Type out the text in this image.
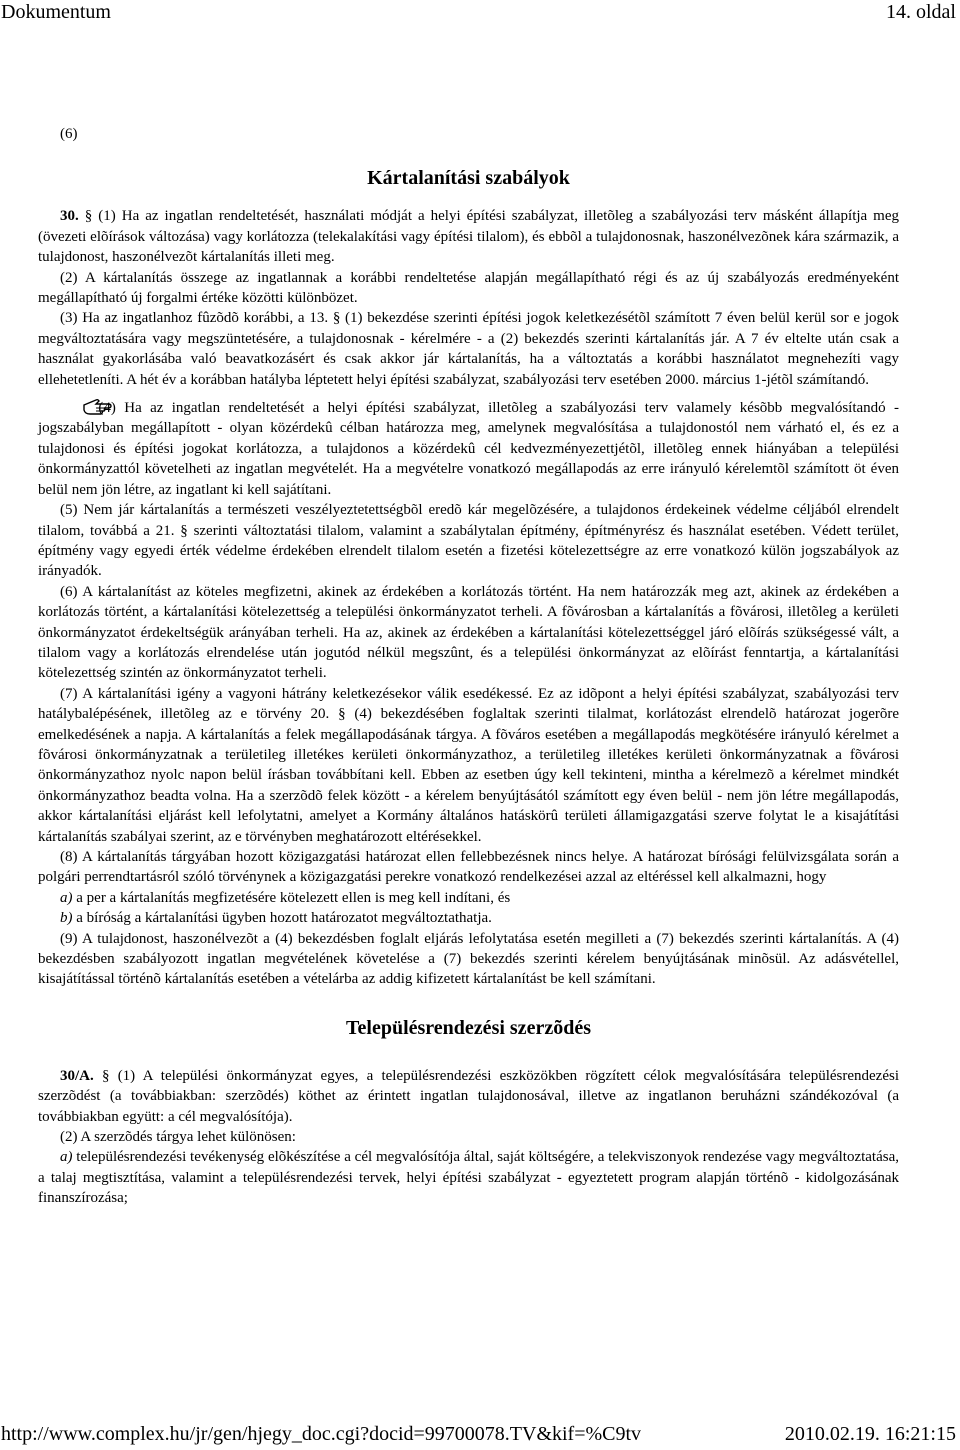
Dokumentum	14. oldal

(6)

Kártalanítási szabályok

30. § (1) Ha az ingatlan rendeltetését, használati módját a helyi építési szabályzat, illetõleg a szabályozási terv másként állapítja meg (övezeti elõírások változása) vagy korlátozza (telekalakítási vagy építési tilalom), és ebbõl a tulajdonosnak, haszonélvezõnek kára származik, a tulajdonost, haszonélvezõt kártalanítás illeti meg.

(2) A kártalanítás összege az ingatlannak a korábbi rendeltetése alapján megállapítható régi és az új szabályozás eredményeként megállapítható új forgalmi értéke közötti különbözet.

(3) Ha az ingatlanhoz fûzõdõ korábbi, a 13. § (1) bekezdése szerinti építési jogok keletkezésétõl számított 7 éven belül kerül sor e jogok megváltoztatására vagy megszüntetésére, a tulajdonosnak - kérelmére - a (2) bekezdés szerinti kártalanítás jár. A 7 év eltelte után csak a használat gyakorlásába való beavatkozásért és csak akkor jár kártalanítás, ha a változtatás a korábbi használatot megnehezíti vagy ellehetetleníti. A hét év a korábban hatályba léptetett helyi építési szabályzat, szabályozási terv esetében 2000. március 1-jétõl számítandó.

(4) Ha az ingatlan rendeltetését a helyi építési szabályzat, illetõleg a szabályozási terv valamely késõbb megvalósítandó - jogszabályban megállapított - olyan közérdekû célban határozza meg, amelynek megvalósítása a tulajdonostól nem várható el, és ez a tulajdonosi és építési jogokat korlátozza, a tulajdonos a közérdekû cél kedvezményezettjétõl, illetõleg ennek hiányában a települési önkormányzattól követelheti az ingatlan megvételét. Ha a megvételre vonatkozó megállapodás az erre irányuló kérelemtõl számított öt éven belül nem jön létre, az ingatlant ki kell sajátítani.

(5) Nem jár kártalanítás a természeti veszélyeztetettségbõl eredõ kár megelõzésére, a tulajdonos érdekeinek védelme céljából elrendelt tilalom, továbbá a 21. § szerinti változtatási tilalom, valamint a szabálytalan építmény, építményrész és használat esetében. Védett terület, építmény vagy egyedi érték védelme érdekében elrendelt tilalom esetén a fizetési kötelezettségre az erre vonatkozó külön jogszabályok az irányadók.

(6) A kártalanítást az köteles megfizetni, akinek az érdekében a korlátozás történt. Ha nem határozzák meg azt, akinek az érdekében a korlátozás történt, a kártalanítási kötelezettség a települési önkormányzatot terheli. A fõvárosban a kártalanítás a fõvárosi, illetõleg a kerületi önkormányzatot érdekeltségük arányában terheli. Ha az, akinek az érdekében a kártalanítási kötelezettséggel járó elõírás szükségessé vált, a tilalom vagy a korlátozás elrendelése után jogutód nélkül megszûnt, és a települési önkormányzat az elõírást fenntartja, a kártalanítási kötelezettség szintén az önkormányzatot terheli.

(7) A kártalanítási igény a vagyoni hátrány keletkezésekor válik esedékessé. Ez az idõpont a helyi építési szabályzat, szabályozási terv hatálybalépésének, illetõleg az e törvény 20. § (4) bekezdésében foglaltak szerinti tilalmat, korlátozást elrendelõ határozat jogerõre emelkedésének a napja. A kártalanítás a felek megállapodásának tárgya. A fõváros esetében a megállapodás megkötésére irányuló kérelmet a fõvárosi önkormányzatnak a területileg illetékes kerületi önkormányzathoz, a területileg illetékes kerületi önkormányzatnak a fõvárosi önkormányzathoz nyolc napon belül írásban továbbítani kell. Ebben az esetben úgy kell tekinteni, mintha a kérelmezõ a kérelmet mindkét önkormányzathoz beadta volna. Ha a szerzõdõ felek között - a kérelem benyújtásától számított egy éven belül - nem jön létre megállapodás, akkor kártalanítási eljárást kell lefolytatni, amelyet a Kormány általános hatáskörû területi államigazgatási szerve folytat le a kisajátítási kártalanítás szabályai szerint, az e törvényben meghatározott eltérésekkel.

(8) A kártalanítás tárgyában hozott közigazgatási határozat ellen fellebbezésnek nincs helye. A határozat bírósági felülvizsgálata során a polgári perrendtartásról szóló törvénynek a közigazgatási perekre vonatkozó rendelkezései azzal az eltéréssel kell alkalmazni, hogy

a) a per a kártalanítás megfizetésére kötelezett ellen is meg kell indítani, és

b) a bíróság a kártalanítási ügyben hozott határozatot megváltoztathatja.

(9) A tulajdonost, haszonélvezõt a (4) bekezdésben foglalt eljárás lefolytatása esetén megilleti a (7) bekezdés szerinti kártalanítás. A (4) bekezdésben szabályozott ingatlan megvételének követelése a (7) bekezdés szerinti kérelem benyújtásának minõsül. Az adásvétellel, kisajátítással történõ kártalanítás esetében a vételárba az addig kifizetett kártalanítást be kell számítani.

Településrendezési szerzõdés

30/A. § (1) A települési önkormányzat egyes, a településrendezési eszközökben rögzített célok megvalósítására településrendezési szerzõdést (a továbbiakban: szerzõdés) köthet az érintett ingatlan tulajdonosával, illetve az ingatlanon beruházni szándékozóval (a továbbiakban együtt: a cél megvalósítója).

(2) A szerzõdés tárgya lehet különösen:

a) településrendezési tevékenység elõkészítése a cél megvalósítója által, saját költségére, a telekviszonyok rendezése vagy megváltoztatása, a talaj megtisztítása, valamint a településrendezési tervek, helyi építési szabályzat - egyeztetett program alapján történõ - kidolgozásának finanszírozása;

http://www.complex.hu/jr/gen/hjegy_doc.cgi?docid=99700078.TV&kif=%C9tv	2010.02.19. 16:21:15
